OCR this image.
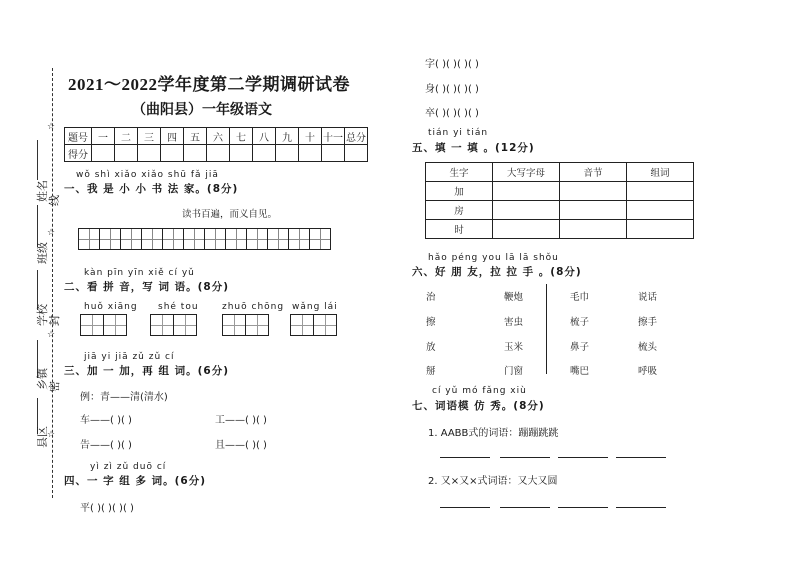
☆
☆
☆
☆
姓名 线
班级
学校 封
乡镇 密
县区
2021～2022学年度第二学期调研试卷
（曲阳县）一年级语文
题号	一	二	三	四	五	六	七	八	九	十	十一	总分
得分												
wǒ shì xiǎo xiǎo shū fǎ jiā
一、我 是 小 小 书 法 家。(8分)
读书百遍，而义自见。
kàn pīn yīn xiě cí yǔ
二、看 拼 音，写 词 语。(8分)
huǒ xiāng shé tou	zhuō chōng wǎng lái
jiā yi jiā zǔ zǔ cí
三、加 一 加，再 组 词。(6分)
例：青——清(清水)
车——( )( )	工——( )( )
告——( )( )	且——( )( )
yì zì zǔ duō cí
四、一 字 组 多 词。(6分)
平( )( )( )( )
字( )( )( )( )
身( )( )( )( )
卒( )( )( )( )
tián yi tián
五、填 一 填 。(12分)
生字	大写字母	音节	组词
加			
房			
时			
hǎo péng you lā lā shǒu
六、好 朋 友，拉 拉 手 。(8分)
治
擦
放
掰
鞭炮
害虫
玉米
门窗
毛巾
梳子
鼻子
嘴巴
说话
擦手
梳头
呼吸
cí yǔ mó fǎng xiù
七、词语模 仿 秀。(8分)
1. AABB式的词语：蹦蹦跳跳
2. 又×又×式词语：又大又圆
